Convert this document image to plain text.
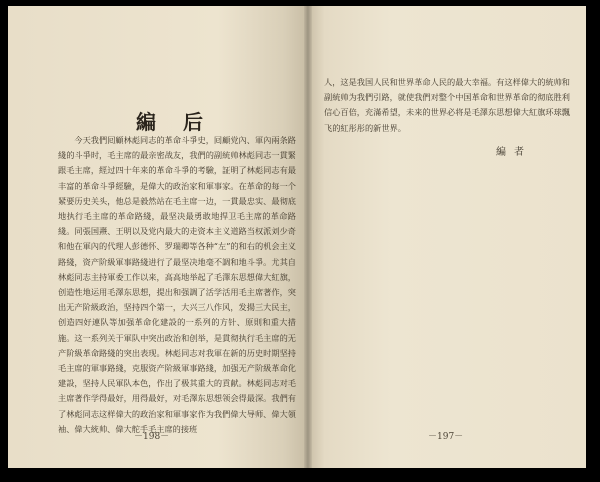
編 后

今天我們囘顧林彪同志的革命斗爭史，囘顧党內、軍內兩条路綫的斗爭时，毛主席的最亲密战友，我們的副統帅林彪同志一貫緊跟毛主席，經过四十年来的革命斗爭的考驗，証明了林彪同志有最丰富的革命斗爭經驗，是偉大的政治家和軍事家。在革命的每一个紧要历史关头，他总是毅然站在毛主席一边，一貫最忠实、最彻底地执行毛主席的革命路綫，最坚决最勇敢地捍卫毛主席的革命路綫。同張国燾、王明以及党内最大的走资本主义道路当权派刘少奇和他在軍內的代理人彭德怀、罗瑞卿等各种“左”的和右的机会主义路綫，资产阶級軍事路綫进行了最坚决地毫不調和地斗爭。尤其自林彪同志主持軍委工作以来，高高地举起了毛澤东思想偉大紅旗，创造性地运用毛澤东思想，提出和强調了活学活用毛主席著作，突出无产阶級政治，坚持四个第一，大兴三八作风，发揚三大民主，创造四好連队等加强革命化建設的一系列的方针、原則和重大措施。这一系列关于軍队中突出政治和创举，是貫彻执行毛主席的无产阶級革命路綫的突出表现。林彪同志对我軍在新的历史时期坚持毛主席的軍事路綫，克服资产阶級軍事路綫，加强无产阶級革命化建設，坚持人民軍队本色，作出了极其重大的貢献。林彪同志对毛主席著作学得最好，用得最好，对毛澤东思想领会得最深。我們有了林彪同志这样偉大的政治家和軍事家作为我們偉大导师、偉大領袖、偉大統帅、偉大舵手毛主席的接班

－198－

人，这是我国人民和世界革命人民的最大幸福。有这样偉大的統帅和副統帅为我們引路，就使我們对整个中国革命和世界革命的彻底胜利信心百倍，充滿希望，未来的世界必将是毛澤东思想偉大紅旗环球飄飞的紅彤彤的新世界。

編者
－197－
